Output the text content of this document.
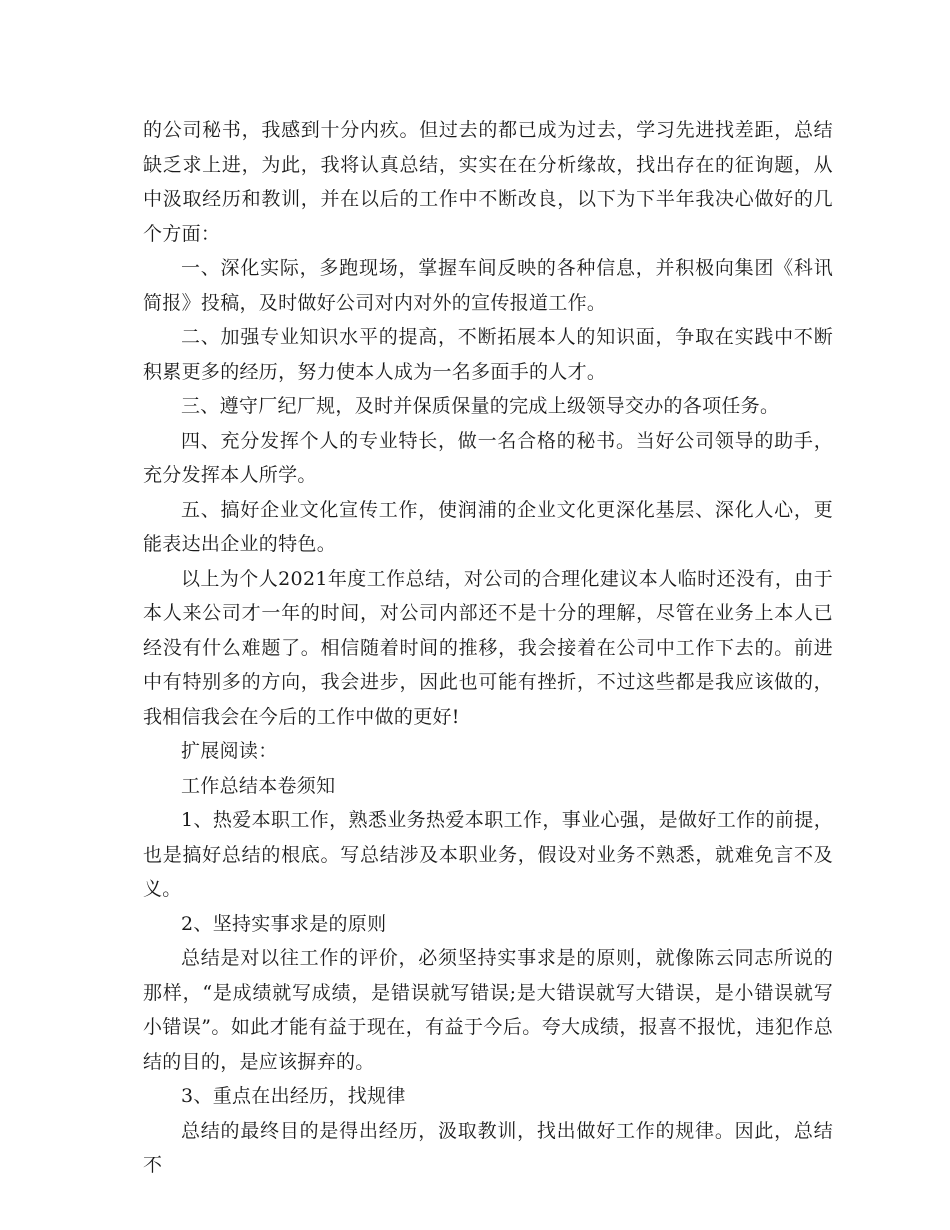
的公司秘书，我感到十分内疚。但过去的都已成为过去，学习先进找差距，总结缺乏求上进，为此，我将认真总结，实实在在分析缘故，找出存在的征询题，从中汲取经历和教训，并在以后的工作中不断改良，以下为下半年我决心做好的几个方面：

一、深化实际，多跑现场，掌握车间反映的各种信息，并积极向集团《科讯简报》投稿，及时做好公司对内对外的宣传报道工作。

二、加强专业知识水平的提高，不断拓展本人的知识面，争取在实践中不断积累更多的经历，努力使本人成为一名多面手的人才。

三、遵守厂纪厂规，及时并保质保量的完成上级领导交办的各项任务。

四、充分发挥个人的专业特长，做一名合格的秘书。当好公司领导的助手，充分发挥本人所学。

五、搞好企业文化宣传工作，使润浦的企业文化更深化基层、深化人心，更能表达出企业的特色。

以上为个人2021年度工作总结，对公司的合理化建议本人临时还没有，由于本人来公司才一年的时间，对公司内部还不是十分的理解，尽管在业务上本人已经没有什么难题了。相信随着时间的推移，我会接着在公司中工作下去的。前进中有特别多的方向，我会进步，因此也可能有挫折，不过这些都是我应该做的，我相信我会在今后的工作中做的更好!

扩展阅读：

工作总结本卷须知

1、热爱本职工作，熟悉业务热爱本职工作，事业心强，是做好工作的前提，也是搞好总结的根底。写总结涉及本职业务，假设对业务不熟悉，就难免言不及义。

2、坚持实事求是的原则

总结是对以往工作的评价，必须坚持实事求是的原则，就像陈云同志所说的那样，“是成绩就写成绩，是错误就写错误;是大错误就写大错误，是小错误就写小错误”。如此才能有益于现在，有益于今后。夸大成绩，报喜不报忧，违犯作总结的目的，是应该摒弃的。

3、重点在出经历，找规律

总结的最终目的是得出经历，汲取教训，找出做好工作的规律。因此，总结不
